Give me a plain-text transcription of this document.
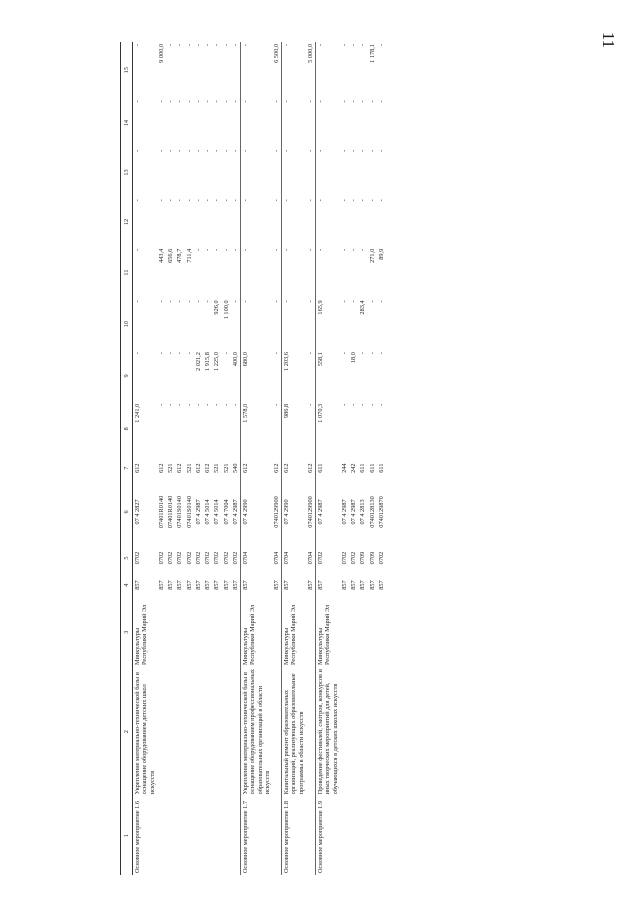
11
1	2	3	4	5	6	7	8	9	10	11	12	13	14	15
Основное мероприятие 1.6	Укрепление материально-технической базы и оснащение оборудованием детских школ искусств	Минкультуры Республики Марий Эл	857	0702	07 4 2827	612	1 241,0	-	-	-	-	-	-	-
			857	0702	07401R0140	612	-	-	-	443,4	-	-	-	9 000,0
			857	0702	07401R0140	521	-	-	-	656,6	-	-	-	-
			857	0702	07401S0140	612	-	-	-	478,7	-	-	-	-
			857	0702	07401S0140	521	-	-	-	711,4	-	-	-	-
			857	0702	07 4 2987	612	-	2 021,2	-	-	-	-	-	-
			857	0702	07 4 5014	612	-	1 915,8	-	-	-	-	-	-
			857	0702	07 4 5014	521	-	1 225,0	926,0	-	-	-	-	-
			857	0702	07 4 7004	521	-	-	1 100,0	-	-	-	-	-
			857	0702	07 4 2987	540	-	400,0	-	-	-	-	-	-
Основное мероприятие 1.7	Укрепление материально-технической базы и оснащение оборудованием профессиональных образовательных организаций в области искусств	Минкультуры Республики Марий Эл	857	0704	07 4 2990	612	1 578,0	680,0	-	-	-	-	-	-
			857	0704	0740129900	612	-	-	-	-	-	-	-	6 500,0
Основное мероприятие 1.8	Капитальный ремонт образовательных организаций, реализующих образовательные программы в области искусств	Минкультуры Республики Марий Эл	857	0704	07 4 2990	612	986,8	1 203,6	-	-	-	-	-	-
			857	0704	0740129900	612	-	-	-	-	-	-	-	5 000,0
Основное мероприятие 1.9	Проведение фестивалей, смотров, конкурсов и иных творческих мероприятий для детей, обучающихся в детских школах искусств	Минкультуры Республики Марий Эл	857	0702	07 4 2987	611	1 070,3	558,1	165,9	-	-	-	-	-
			857	0702	07 4 2987	244	-	-	-	-	-	-	-	-
			857	0702	07 4 2987	242	-	18,0	-	-	-	-	-	-
			857	0709	07 4 2813	611	-	-	283,4	-	-	-	-	-
			857	0709	0740128130	611	-	-	-	271,0	-	-	-	1 178,1
			857	0702	0740129870	611	-	-	-	89,9	-	-	-	-
